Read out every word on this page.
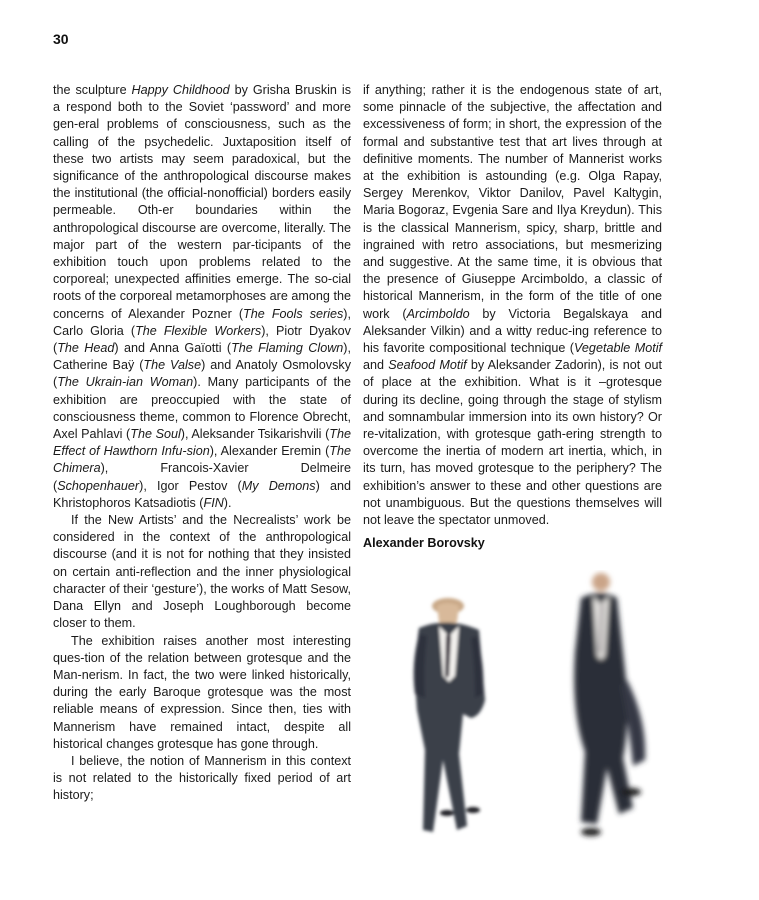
30

the sculpture Happy Childhood by Grisha Bruskin is a respond both to the Soviet ‘password’ and more gen-eral problems of consciousness, such as the calling of the psychedelic. Juxtaposition itself of these two artists may seem paradoxical, but the significance of the anthropological discourse makes the institutional (the official-nonofficial) borders easily permeable. Oth-er boundaries within the anthropological discourse are overcome, literally. The major part of the western par-ticipants of the exhibition touch upon problems related to the corporeal; unexpected affinities emerge. The so-cial roots of the corporeal metamorphoses are among the concerns of Alexander Pozner (The Fools series), Carlo Gloria (The Flexible Workers), Piotr Dyakov (The Head) and Anna Gaïotti (The Flaming Clown), Catherine Baÿ (The Valse) and Anatoly Osmolovsky (The Ukrain-ian Woman). Many participants of the exhibition are preoccupied with the state of consciousness theme, common to Florence Obrecht, Axel Pahlavi (The Soul), Aleksander Tsikarishvili (The Effect of Hawthorn Infu-sion), Alexander Eremin (The Chimera), Francois-Xavier Delmeire (Schopenhauer), Igor Pestov (My Demons) and Khristophoros Katsadiotis (FIN).

If the New Artists’ and the Necrealists’ work be considered in the context of the anthropological discourse (and it is not for nothing that they insisted on certain anti-reflection and the inner physiological character of their ‘gesture’), the works of Matt Sesow, Dana Ellyn and Joseph Loughborough become closer to them.

The exhibition raises another most interesting ques-tion of the relation between grotesque and the Man-nerism. In fact, the two were linked historically, during the early Baroque grotesque was the most reliable means of expression. Since then, ties with Mannerism have remained intact, despite all historical changes grotesque has gone through.

I believe, the notion of Mannerism in this context is not related to the historically fixed period of art history;

if anything; rather it is the endogenous state of art, some pinnacle of the subjective, the affectation and excessiveness of form; in short, the expression of the formal and substantive test that art lives through at definitive moments. The number of Mannerist works at the exhibition is astounding (e.g. Olga Rapay, Sergey Merenkov, Viktor Danilov, Pavel Kaltygin, Maria Bogoraz, Evgenia Sare and Ilya Kreydun). This is the classical Mannerism, spicy, sharp, brittle and ingrained with retro associations, but mesmerizing and suggestive. At the same time, it is obvious that the presence of Giuseppe Arcimboldo, a classic of historical Mannerism, in the form of the title of one work (Arcimboldo by Victoria Begalskaya and Aleksander Vilkin) and a witty reduc-ing reference to his favorite compositional technique (Vegetable Motif and Seafood Motif by Aleksander Zadorin), is not out of place at the exhibition. What is it –grotesque during its decline, going through the stage of stylism and somnambular immersion into its own history? Or re-vitalization, with grotesque gath-ering strength to overcome the inertia of modern art inertia, which, in its turn, has moved grotesque to the periphery? The exhibition’s answer to these and other questions are not unambiguous. But the questions themselves will not leave the spectator unmoved.

Alexander Borovsky
